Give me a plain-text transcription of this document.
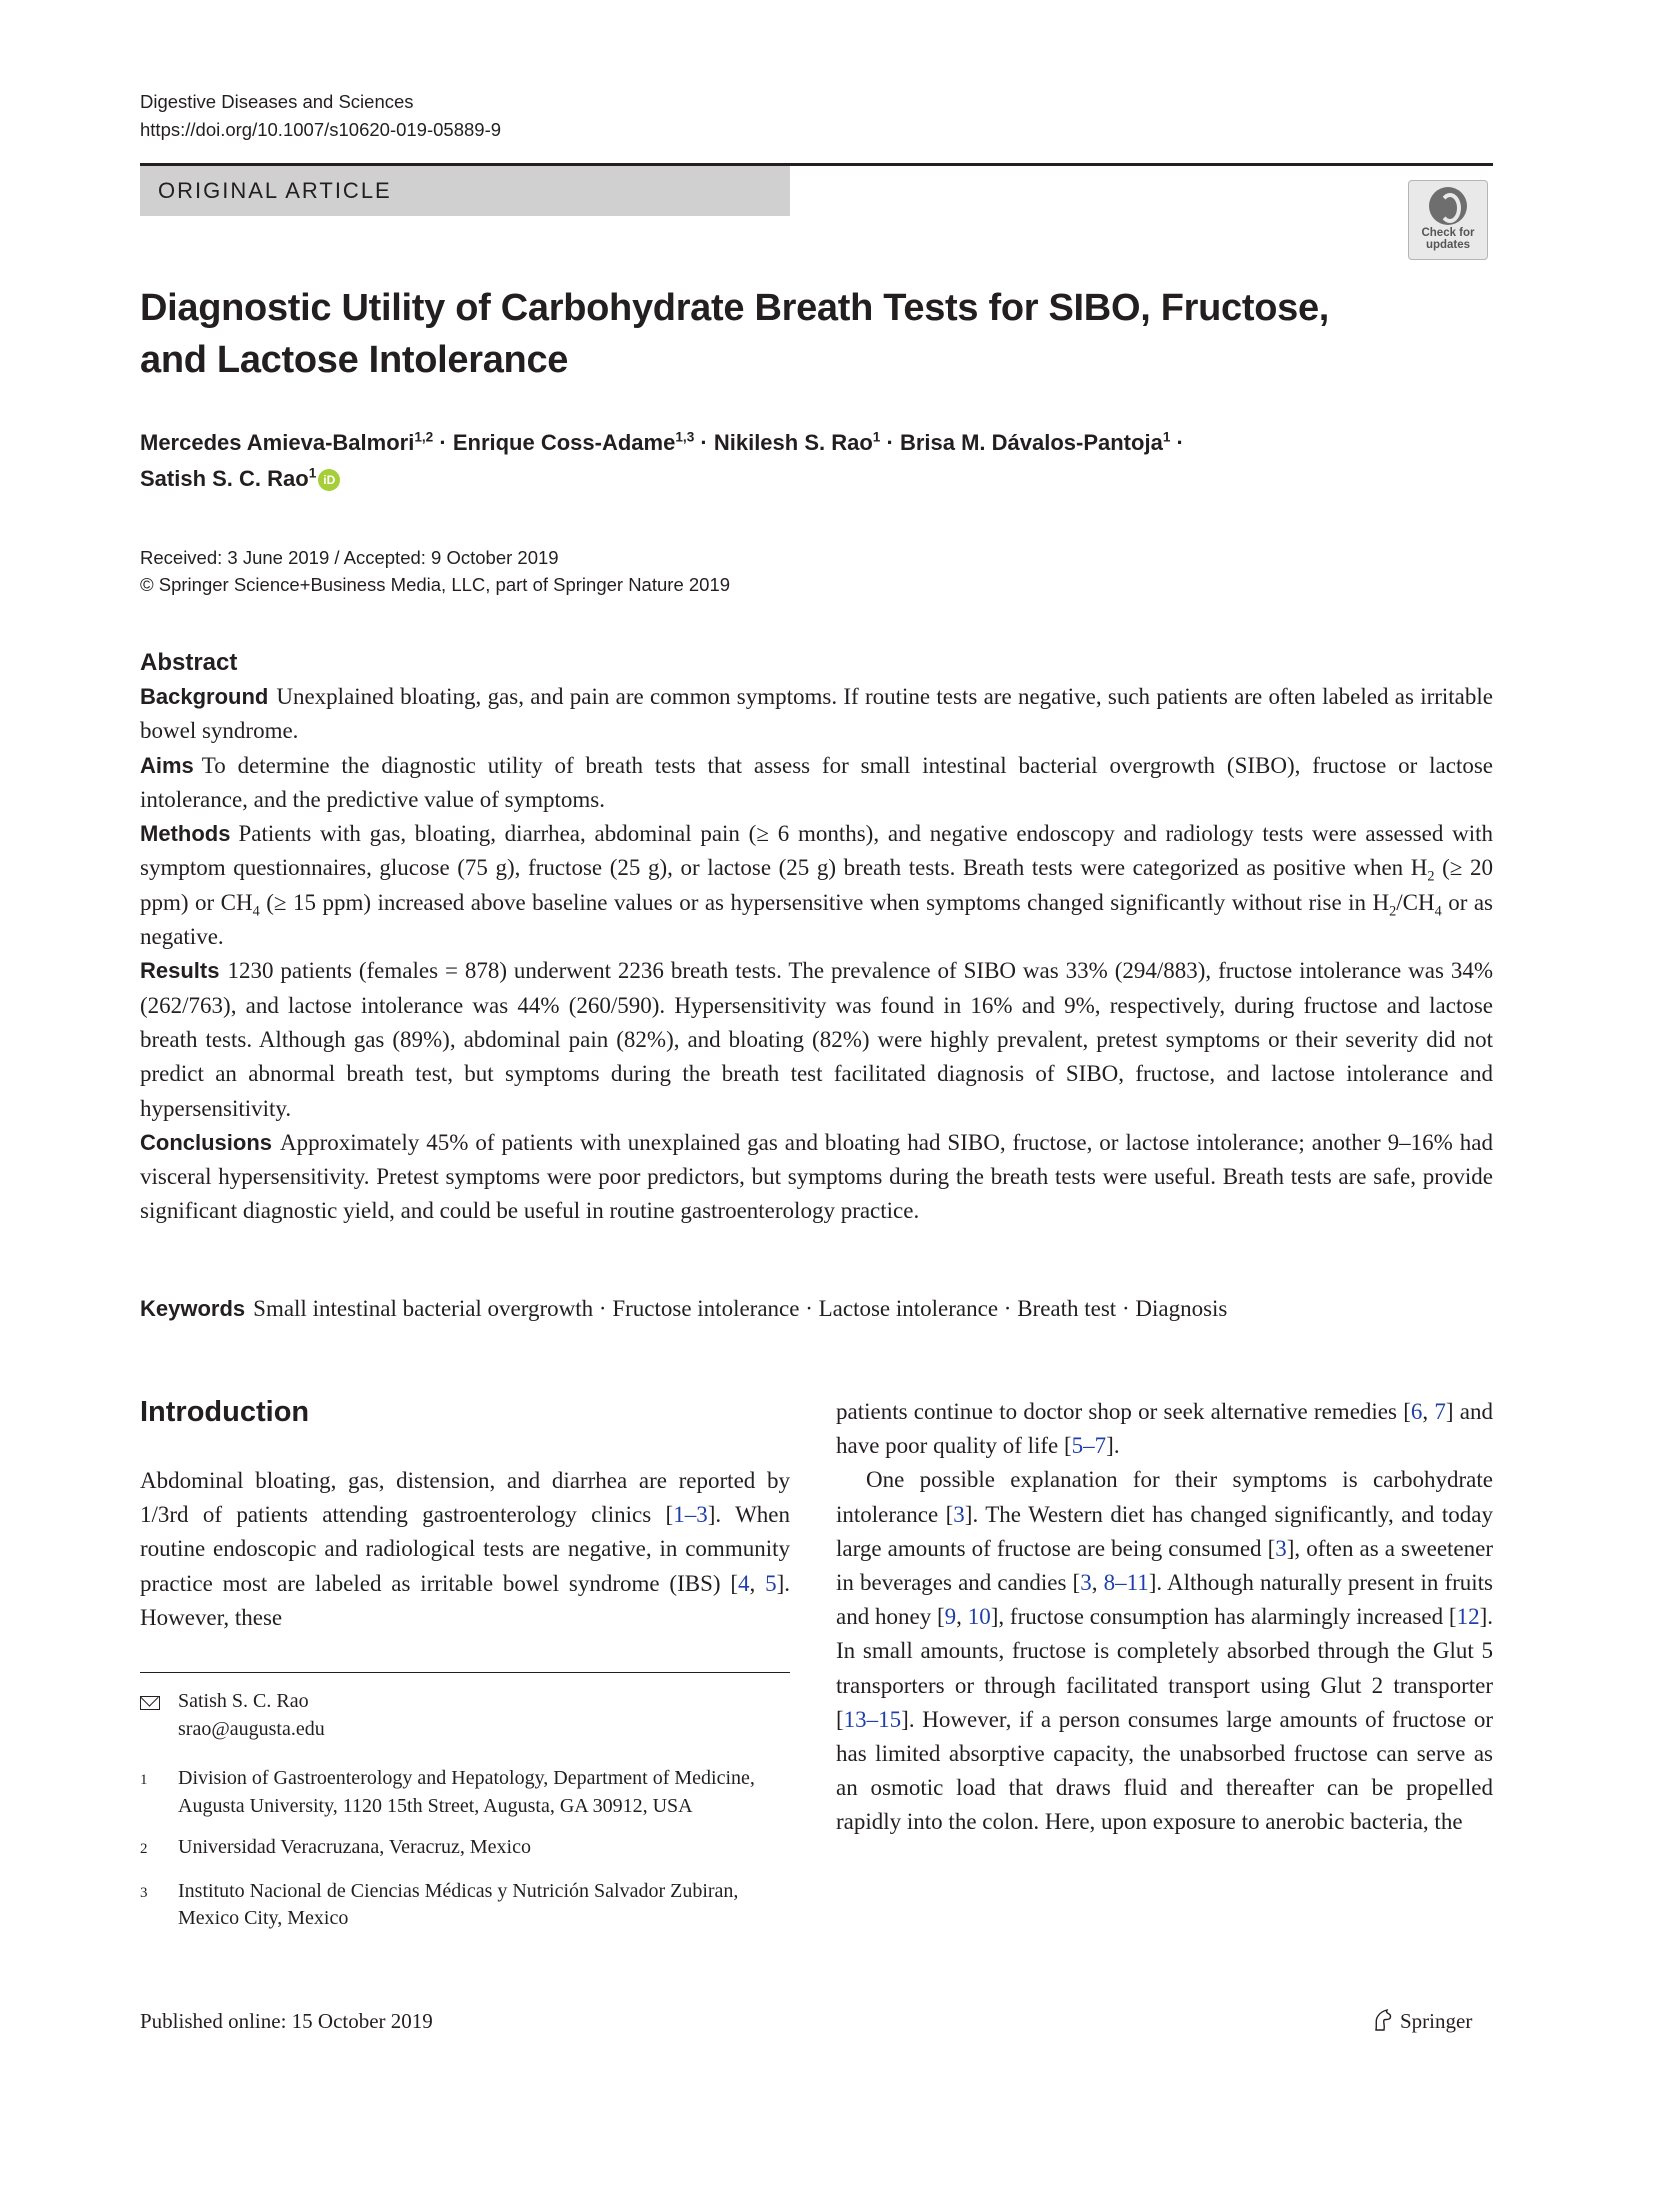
Digestive Diseases and Sciences
https://doi.org/10.1007/s10620-019-05889-9
ORIGINAL ARTICLE
Check for
updates
Diagnostic Utility of Carbohydrate Breath Tests for SIBO, Fructose,
and Lactose Intolerance
Mercedes Amieva‑Balmori$^{1,2}$ · Enrique Coss‑Adame$^{1,3}$ · Nikilesh S. Rao$^1$ · Brisa M. Dávalos‑Pantoja$^1$ ·
Satish S. C. Rao$^1$ iD
Received: 3 June 2019 / Accepted: 9 October 2019
© Springer Science+Business Media, LLC, part of Springer Nature 2019
Abstract

Background Unexplained bloating, gas, and pain are common symptoms. If routine tests are negative, such patients are often labeled as irritable bowel syndrome.

Aims To determine the diagnostic utility of breath tests that assess for small intestinal bacterial overgrowth (SIBO), fructose or lactose intolerance, and the predictive value of symptoms.

Methods Patients with gas, bloating, diarrhea, abdominal pain (≥ 6 months), and negative endoscopy and radiology tests were assessed with symptom questionnaires, glucose (75 g), fructose (25 g), or lactose (25 g) breath tests. Breath tests were categorized as positive when $H_2$ (≥ 20 ppm) or $CH_4$ (≥ 15 ppm) increased above baseline values or as hypersensitive when symptoms changed significantly without rise in $H_2/CH_4$ or as negative.

Results 1230 patients (females = 878) underwent 2236 breath tests. The prevalence of SIBO was 33% (294/883), fructose intolerance was 34% (262/763), and lactose intolerance was 44% (260/590). Hypersensitivity was found in 16% and 9%, respectively, during fructose and lactose breath tests. Although gas (89%), abdominal pain (82%), and bloating (82%) were highly prevalent, pretest symptoms or their severity did not predict an abnormal breath test, but symptoms during the breath test facilitated diagnosis of SIBO, fructose, and lactose intolerance and hypersensitivity.

Conclusions Approximately 45% of patients with unexplained gas and bloating had SIBO, fructose, or lactose intolerance; another 9–16% had visceral hypersensitivity. Pretest symptoms were poor predictors, but symptoms during the breath tests were useful. Breath tests are safe, provide significant diagnostic yield, and could be useful in routine gastroenterology practice.

Keywords Small intestinal bacterial overgrowth · Fructose intolerance · Lactose intolerance · Breath test · Diagnosis
Introduction

Abdominal bloating, gas, distension, and diarrhea are reported by 1/3rd of patients attending gastroenterology clinics [1–3]. When routine endoscopic and radiological tests are negative, in community practice most are labeled as irritable bowel syndrome (IBS) [4, 5]. However, these

Satish S. C. Rao
srao@augusta.edu
1	Division of Gastroenterology and Hepatology, Department of Medicine, Augusta University, 1120 15th Street, Augusta, GA 30912, USA
2	Universidad Veracruzana, Veracruz, Mexico
3	Instituto Nacional de Ciencias Médicas y Nutrición Salvador Zubiran, Mexico City, Mexico

patients continue to doctor shop or seek alternative remedies [6, 7] and have poor quality of life [5–7].

One possible explanation for their symptoms is carbohydrate intolerance [3]. The Western diet has changed significantly, and today large amounts of fructose are being consumed [3], often as a sweetener in beverages and candies [3, 8–11]. Although naturally present in fruits and honey [9, 10], fructose consumption has alarmingly increased [12]. In small amounts, fructose is completely absorbed through the Glut 5 transporters or through facilitated transport using Glut 2 transporter [13–15]. However, if a person consumes large amounts of fructose or has limited absorptive capacity, the unabsorbed fructose can serve as an osmotic load that draws fluid and thereafter can be propelled rapidly into the colon. Here, upon exposure to anerobic bacteria, the

Published online: 15 October 2019	Springer
